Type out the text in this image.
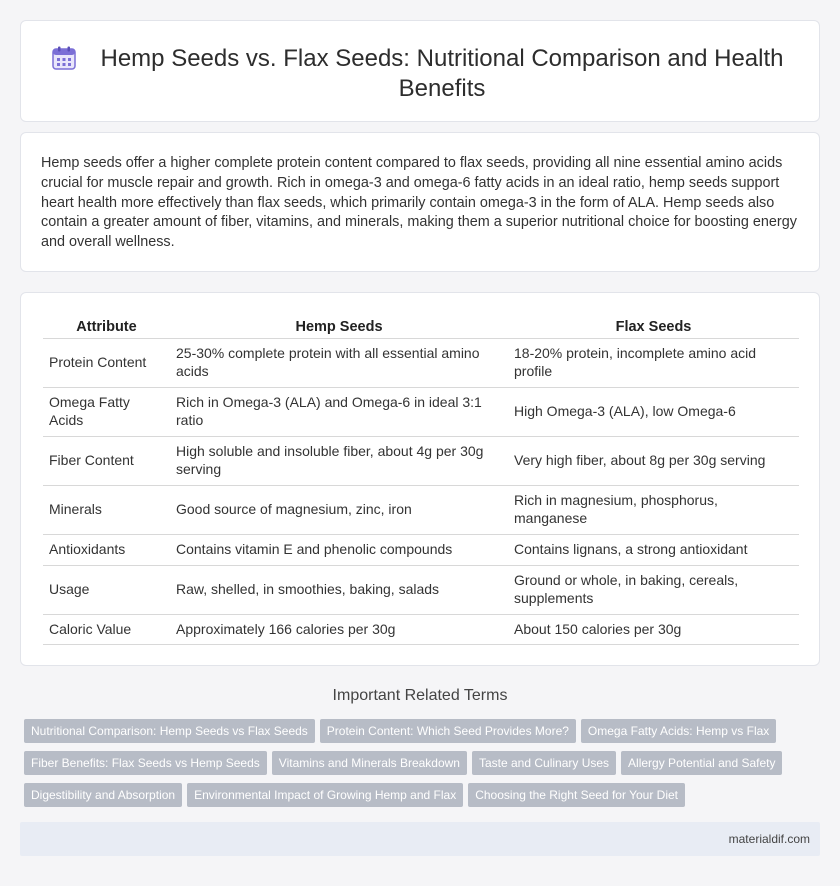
Hemp Seeds vs. Flax Seeds: Nutritional Comparison and Health Benefits

Hemp seeds offer a higher complete protein content compared to flax seeds, providing all nine essential amino acids crucial for muscle repair and growth. Rich in omega-3 and omega-6 fatty acids in an ideal ratio, hemp seeds support heart health more effectively than flax seeds, which primarily contain omega-3 in the form of ALA. Hemp seeds also contain a greater amount of fiber, vitamins, and minerals, making them a superior nutritional choice for boosting energy and overall wellness.

Attribute	Hemp Seeds	Flax Seeds
Protein Content	25-30% complete protein with all essential amino acids	18-20% protein, incomplete amino acid profile
Omega Fatty Acids	Rich in Omega-3 (ALA) and Omega-6 in ideal 3:1 ratio	High Omega-3 (ALA), low Omega-6
Fiber Content	High soluble and insoluble fiber, about 4g per 30g serving	Very high fiber, about 8g per 30g serving
Minerals	Good source of magnesium, zinc, iron	Rich in magnesium, phosphorus, manganese
Antioxidants	Contains vitamin E and phenolic compounds	Contains lignans, a strong antioxidant
Usage	Raw, shelled, in smoothies, baking, salads	Ground or whole, in baking, cereals, supplements
Caloric Value	Approximately 166 calories per 30g	About 150 calories per 30g
Important Related Terms
Nutritional Comparison: Hemp Seeds vs Flax Seeds Protein Content: Which Seed Provides More? Omega Fatty Acids: Hemp vs Flax
Fiber Benefits: Flax Seeds vs Hemp Seeds Vitamins and Minerals Breakdown Taste and Culinary Uses Allergy Potential and Safety
Digestibility and Absorption Environmental Impact of Growing Hemp and Flax Choosing the Right Seed for Your Diet
materialdif.com
